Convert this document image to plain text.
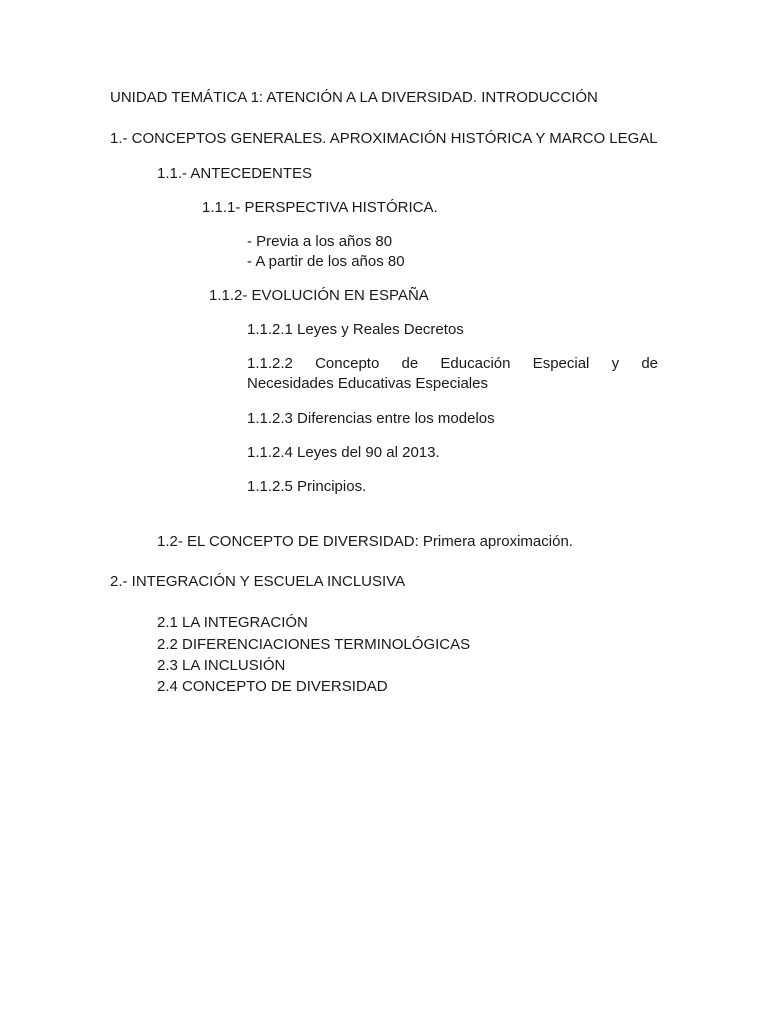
UNIDAD TEMÁTICA 1: ATENCIÓN A LA DIVERSIDAD. INTRODUCCIÓN
1.- CONCEPTOS GENERALES. APROXIMACIÓN HISTÓRICA Y MARCO LEGAL
1.1.- ANTECEDENTES
1.1.1- PERSPECTIVA HISTÓRICA.
- Previa a los años 80
- A partir de los años 80
1.1.2- EVOLUCIÓN EN ESPAÑA
1.1.2.1 Leyes y Reales Decretos
1.1.2.2 Concepto de Educación Especial y de
Necesidades Educativas Especiales
1.1.2.3 Diferencias entre los modelos
1.1.2.4 Leyes del 90 al 2013.
1.1.2.5 Principios.
1.2- EL CONCEPTO DE DIVERSIDAD: Primera aproximación.
2.- INTEGRACIÓN Y ESCUELA INCLUSIVA
2.1 LA INTEGRACIÓN
2.2 DIFERENCIACIONES TERMINOLÓGICAS
2.3 LA INCLUSIÓN
2.4 CONCEPTO DE DIVERSIDAD
